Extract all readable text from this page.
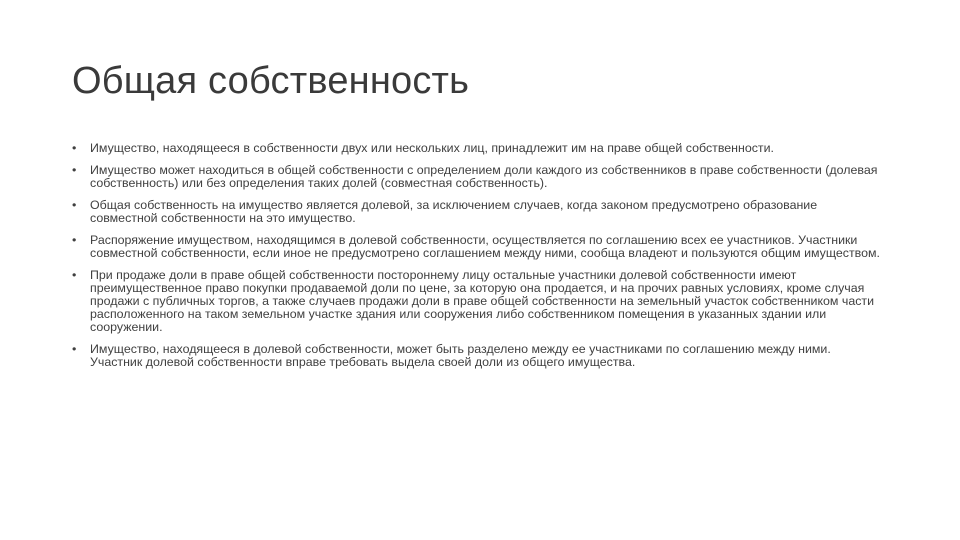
Общая собственность
• Имущество, находящееся в собственности двух или нескольких лиц, принадлежит им на праве общей собственности.
• Имущество может находиться в общей собственности с определением доли каждого из собственников в праве собственности (долевая собственность) или без определения таких долей (совместная собственность).
• Общая собственность на имущество является долевой, за исключением случаев, когда законом предусмотрено образование совместной собственности на это имущество.
• Распоряжение имуществом, находящимся в долевой собственности, осуществляется по соглашению всех ее участников. Участники совместной собственности, если иное не предусмотрено соглашением между ними, сообща владеют и пользуются общим имуществом.
• При продаже доли в праве общей собственности постороннему лицу остальные участники долевой собственности имеют преимущественное право покупки продаваемой доли по цене, за которую она продается, и на прочих равных условиях, кроме случая продажи с публичных торгов, а также случаев продажи доли в праве общей собственности на земельный участок собственником части расположенного на таком земельном участке здания или сооружения либо собственником помещения в указанных здании или сооружении.
• Имущество, находящееся в долевой собственности, может быть разделено между ее участниками по соглашению между ними. Участник долевой собственности вправе требовать выдела своей доли из общего имущества.
